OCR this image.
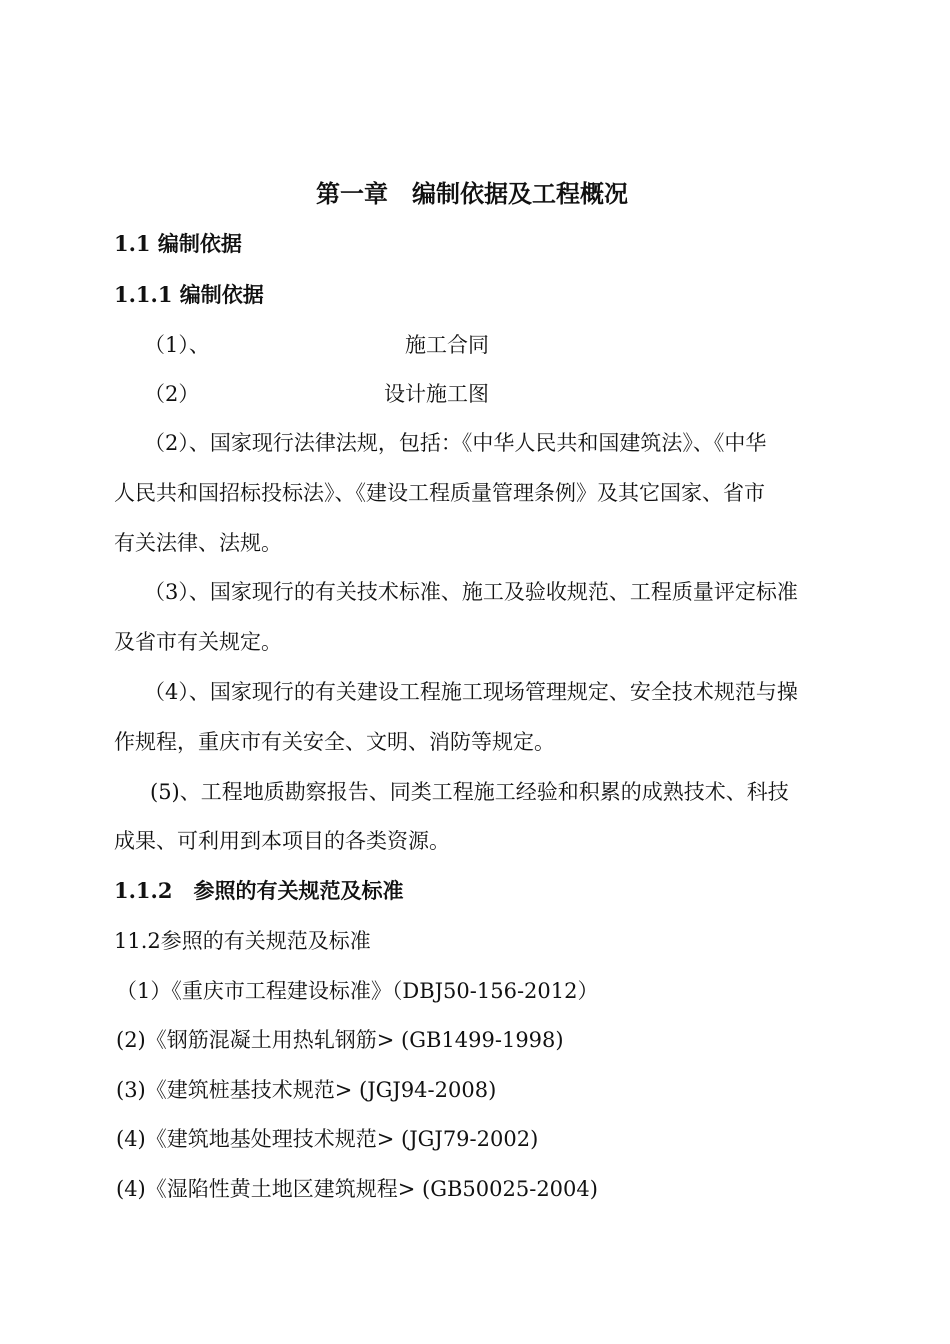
第一章　编制依据及工程概况
1.1 编制依据
1.1.1 编制依据
（1）、	施工合同
（2）	设计施工图
（2）、国家现行法律法规，包括：《中华人民共和国建筑法》、《中华
人民共和国招标投标法》、《建设工程质量管理条例》及其它国家、省市
有关法律、法规。
（3）、国家现行的有关技术标准、施工及验收规范、工程质量评定标准
及省市有关规定。
（4）、国家现行的有关建设工程施工现场管理规定、安全技术规范与操
作规程，重庆市有关安全、文明、消防等规定。
(5)、工程地质勘察报告、同类工程施工经验和积累的成熟技术、科技
成果、可利用到本项目的各类资源。
1.1.2　参照的有关规范及标准
11.2参照的有关规范及标准
（1）《重庆市工程建设标准》（DBJ50-156-2012）
(2)《钢筋混凝土用热轧钢筋> (GB1499-1998)
(3)《建筑桩基技术规范> (JGJ94-2008)
(4)《建筑地基处理技术规范> (JGJ79-2002)
(4)《湿陷性黄土地区建筑规程> (GB50025-2004)
